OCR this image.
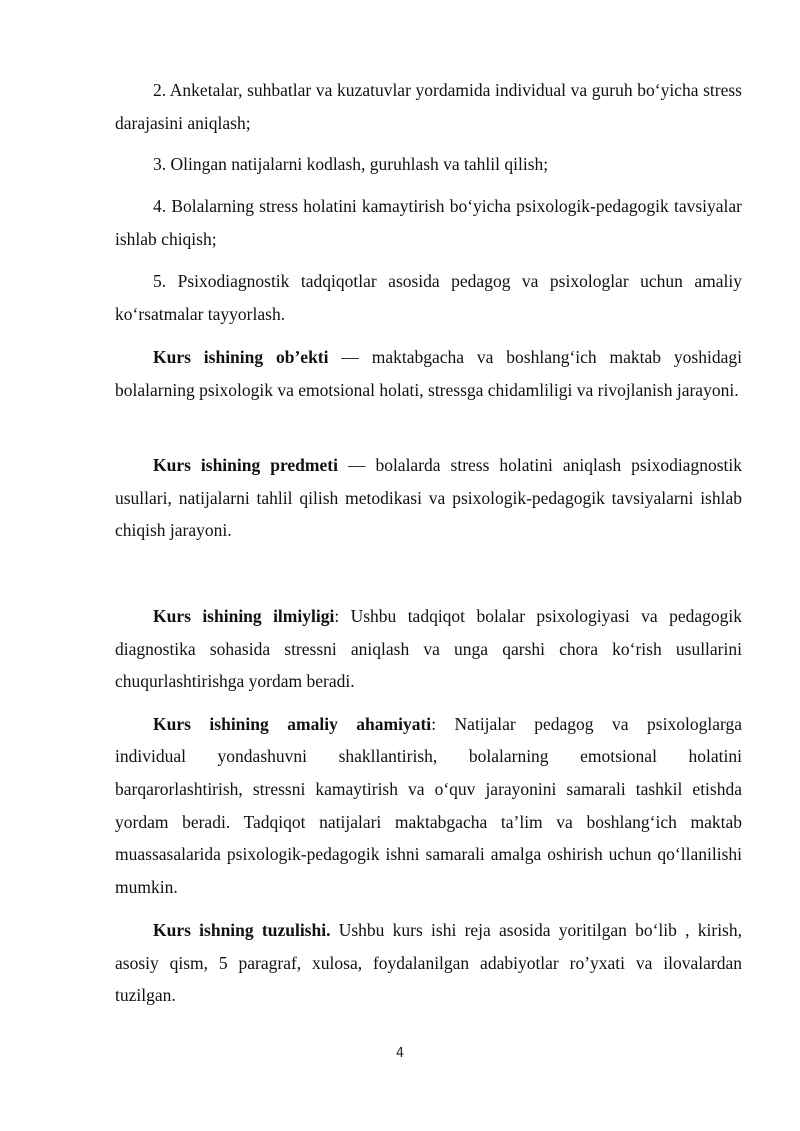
2. Anketalar, suhbatlar va kuzatuvlar yordamida individual va guruh bo‘yicha stress darajasini aniqlash;

3. Olingan natijalarni kodlash, guruhlash va tahlil qilish;

4. Bolalarning stress holatini kamaytirish bo‘yicha psixologik-pedagogik tavsiyalar ishlab chiqish;

5. Psixodiagnostik tadqiqotlar asosida pedagog va psixologlar uchun amaliy ko‘rsatmalar tayyorlash.

Kurs ishining ob’ekti — maktabgacha va boshlang‘ich maktab yoshidagi bolalarning psixologik va emotsional holati, stressga chidamliligi va rivojlanish jarayoni.

Kurs ishining predmeti — bolalarda stress holatini aniqlash psixodiagnostik usullari, natijalarni tahlil qilish metodikasi va psixologik-pedagogik tavsiyalarni ishlab chiqish jarayoni.

Kurs ishining ilmiyligi: Ushbu tadqiqot bolalar psixologiyasi va pedagogik diagnostika sohasida stressni aniqlash va unga qarshi chora ko‘rish usullarini chuqurlashtirishga yordam beradi.

Kurs ishining amaliy ahamiyati: Natijalar pedagog va psixologlarga

individual yondashuvni shakllantirish, bolalarning emotsional holatini

barqarorlashtirish, stressni kamaytirish va o‘quv jarayonini samarali tashkil etishda yordam beradi. Tadqiqot natijalari maktabgacha ta’lim va boshlang‘ich maktab muassasalarida psixologik-pedagogik ishni samarali amalga oshirish uchun qo‘llanilishi mumkin.

Kurs ishning tuzulishi. Ushbu kurs ishi reja asosida yoritilgan bo‘lib , kirish, asosiy qism, 5 paragraf, xulosa, foydalanilgan adabiyotlar ro’yxati va ilovalardan tuzilgan.

4
